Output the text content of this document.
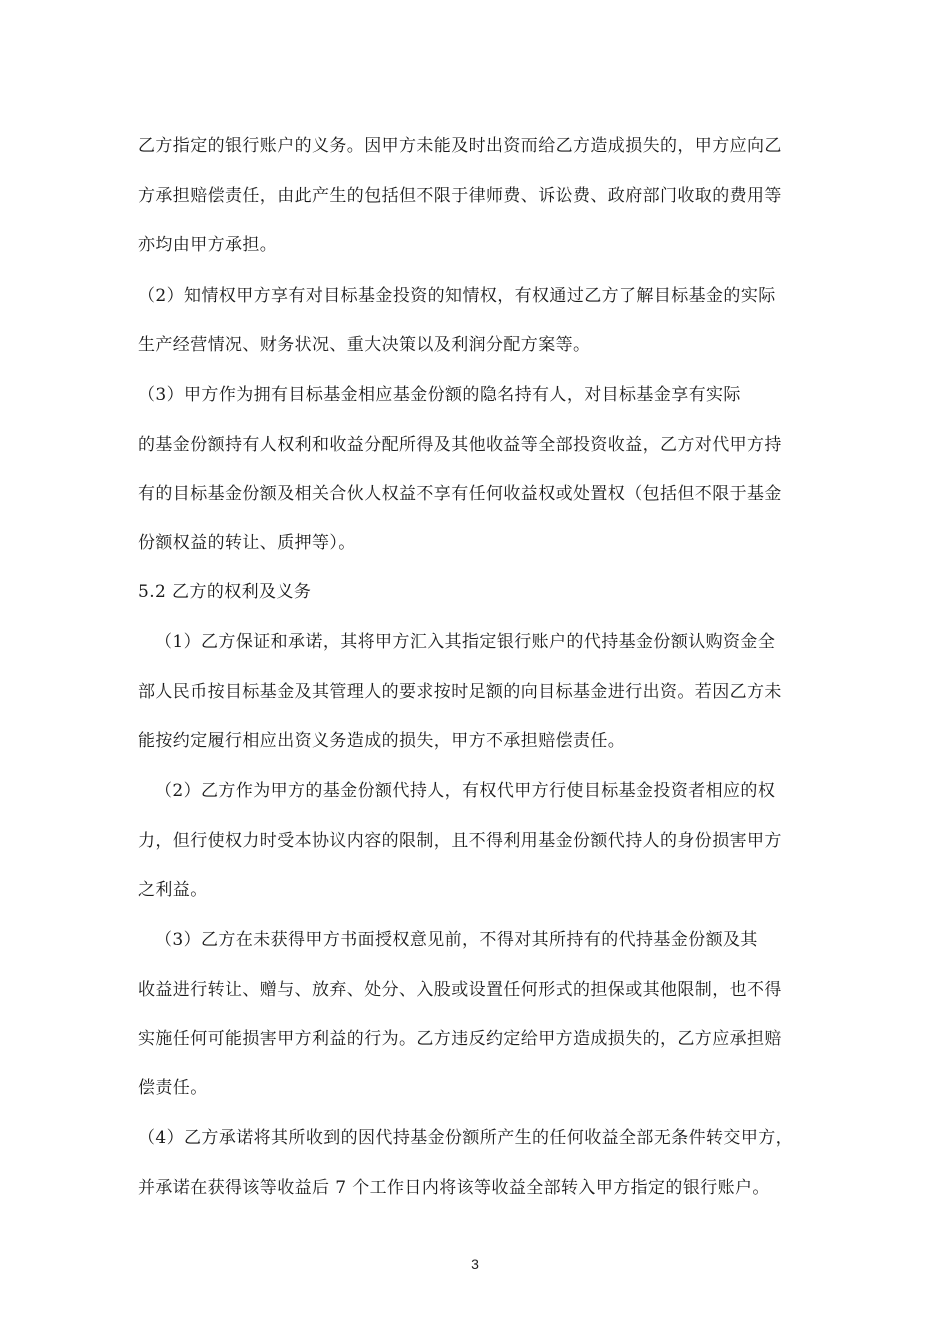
乙方指定的银行账户的义务。因甲方未能及时出资而给乙方造成损失的，甲方应向乙
方承担赔偿责任，由此产生的包括但不限于律师费、诉讼费、政府部门收取的费用等
亦均由甲方承担。
（2）知情权甲方享有对目标基金投资的知情权，有权通过乙方了解目标基金的实际
生产经营情况、财务状况、重大决策以及利润分配方案等。
（3）甲方作为拥有目标基金相应基金份额的隐名持有人，对目标基金享有实际
的基金份额持有人权利和收益分配所得及其他收益等全部投资收益，乙方对代甲方持
有的目标基金份额及相关合伙人权益不享有任何收益权或处置权（包括但不限于基金
份额权益的转让、质押等）。
5.2 乙方的权利及义务
（1）乙方保证和承诺，其将甲方汇入其指定银行账户的代持基金份额认购资金全
部人民币按目标基金及其管理人的要求按时足额的向目标基金进行出资。若因乙方未
能按约定履行相应出资义务造成的损失，甲方不承担赔偿责任。
（2）乙方作为甲方的基金份额代持人，有权代甲方行使目标基金投资者相应的权
力，但行使权力时受本协议内容的限制，且不得利用基金份额代持人的身份损害甲方
之利益。
（3）乙方在未获得甲方书面授权意见前，不得对其所持有的代持基金份额及其
收益进行转让、赠与、放弃、处分、入股或设置任何形式的担保或其他限制，也不得
实施任何可能损害甲方利益的行为。乙方违反约定给甲方造成损失的，乙方应承担赔
偿责任。
（4）乙方承诺将其所收到的因代持基金份额所产生的任何收益全部无条件转交甲方，
并承诺在获得该等收益后 7 个工作日内将该等收益全部转入甲方指定的银行账户。
3
